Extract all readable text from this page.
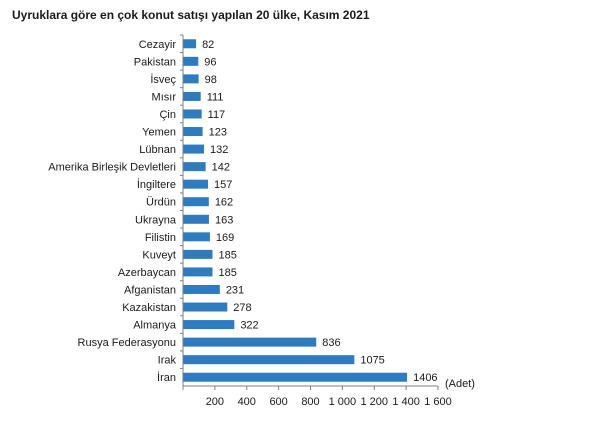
Uyruklara göre en çok konut satışı yapılan 20 ülke, Kasım 2021
Cezayir
Pakistan
İsveç
Mısır
Çin
Yemen
Lübnan
Amerika Birleşik Devletleri
İngiltere
Ürdün
Ukrayna
Filistin
Kuveyt
Azerbaycan
Afganistan
Kazakistan
Almanya
Rusya Federasyonu
Irak
İran
82
96
98
111
117
123
132
142
157
162
163
169
185
185
231
278
322
836
1075
1406
200 400 600 800 1 000 1 200 1 400 1 600
(Adet)
